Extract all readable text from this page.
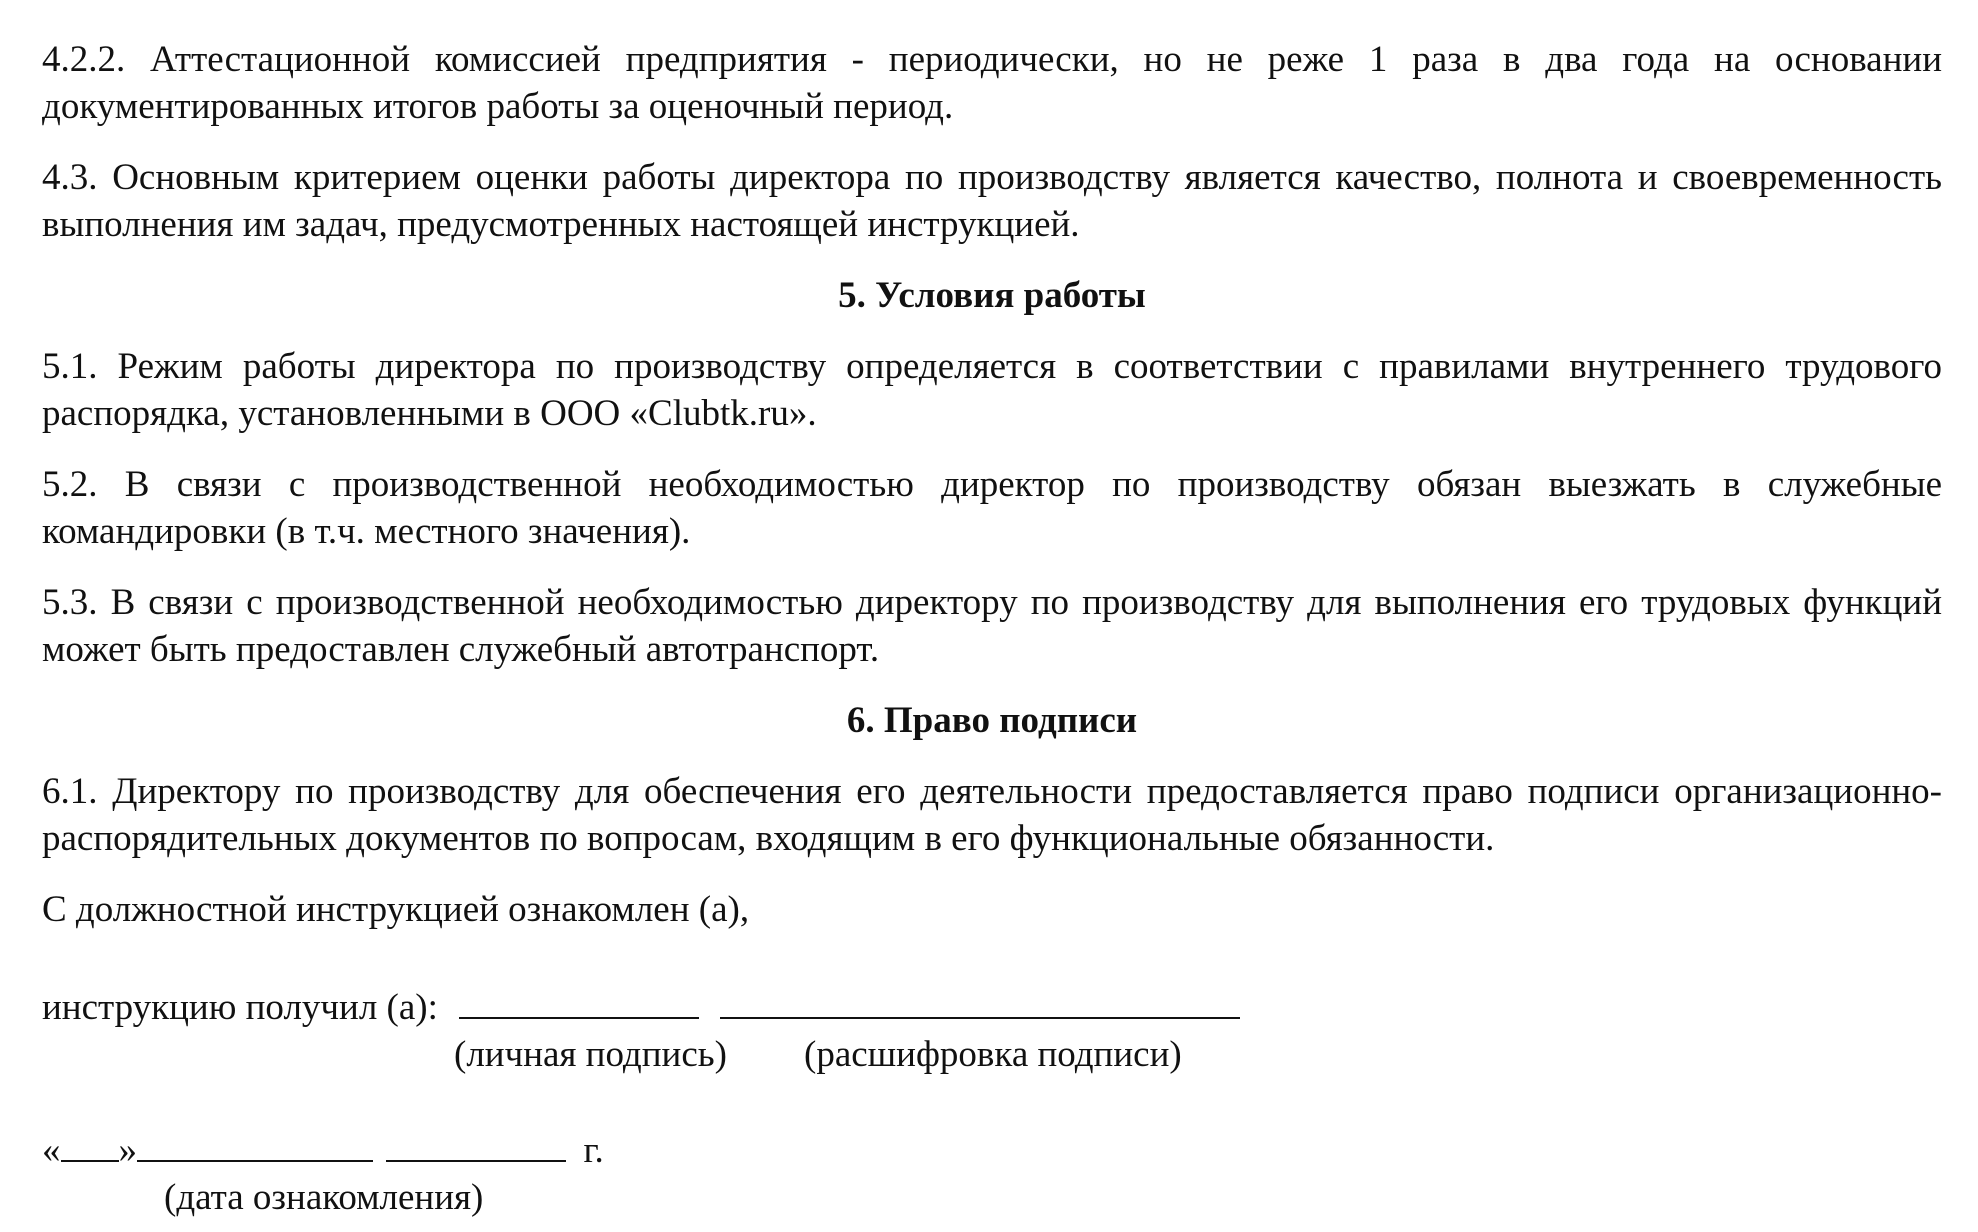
4.2.2. Аттестационной комиссией предприятия - периодически, но не реже 1 раза в два года на основании документированных итогов работы за оценочный период.

4.3. Основным критерием оценки работы директора по производству является качество, полнота и своевременность выполнения им задач, предусмотренных настоящей инструкцией.

5. Условия работы

5.1. Режим работы директора по производству определяется в соответствии с правилами внутреннего трудового распорядка, установленными в ООО «Clubtk.ru».

5.2. В связи с производственной необходимостью директор по производству обязан выезжать в служебные командировки (в т.ч. местного значения).

5.3. В связи с производственной необходимостью директору по производству для выполнения его трудовых функций может быть предоставлен служебный автотранспорт.

6. Право подписи

6.1. Директору по производству для обеспечения его деятельности предоставляется право подписи организационно-распорядительных документов по вопросам, входящим в его функциональные обязанности.

С должностной инструкцией ознакомлен (а),

инструкцию получил (а):
(личная подпись) (расшифровка подписи)
« »	г.
(дата ознакомления)
